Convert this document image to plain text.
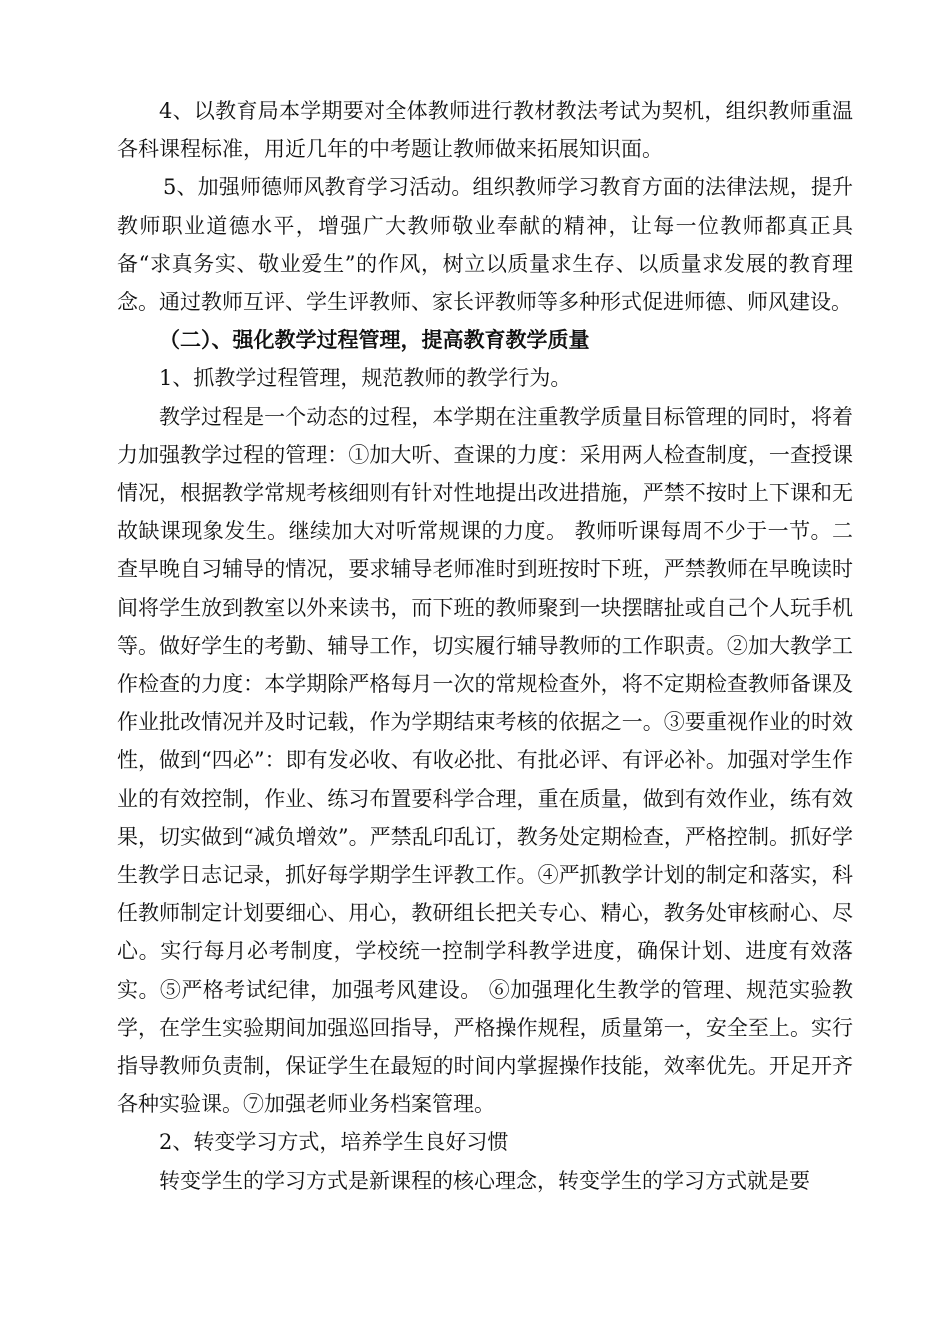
4、以教育局本学期要对全体教师进行教材教法考试为契机，组织教师重温各科课程标准，用近几年的中考题让教师做来拓展知识面。

5、加强师德师风教育学习活动。组织教师学习教育方面的法律法规，提升教师职业道德水平，增强广大教师敬业奉献的精神，让每一位教师都真正具备“求真务实、敬业爱生”的作风，树立以质量求生存、以质量求发展的教育理念。通过教师互评、学生评教师、家长评教师等多种形式促进师德、师风建设。

（二）、强化教学过程管理，提高教育教学质量

1、抓教学过程管理，规范教师的教学行为。

教学过程是一个动态的过程，本学期在注重教学质量目标管理的同时，将着力加强教学过程的管理：①加大听、查课的力度：采用两人检查制度，一查授课情况，根据教学常规考核细则有针对性地提出改进措施，严禁不按时上下课和无故缺课现象发生。继续加大对听常规课的力度。 教师听课每周不少于一节。二查早晚自习辅导的情况，要求辅导老师准时到班按时下班，严禁教师在早晚读时间将学生放到教室以外来读书，而下班的教师聚到一块摆瞎扯或自己个人玩手机等。做好学生的考勤、辅导工作，切实履行辅导教师的工作职责。②加大教学工作检查的力度：本学期除严格每月一次的常规检查外，将不定期检查教师备课及作业批改情况并及时记载，作为学期结束考核的依据之一。③要重视作业的时效性，做到“四必”：即有发必收、有收必批、有批必评、有评必补。加强对学生作业的有效控制，作业、练习布置要科学合理，重在质量，做到有效作业，练有效果，切实做到“减负增效”。严禁乱印乱订，教务处定期检查，严格控制。抓好学生教学日志记录，抓好每学期学生评教工作。④严抓教学计划的制定和落实，科任教师制定计划要细心、用心，教研组长把关专心、精心，教务处审核耐心、尽心。实行每月必考制度，学校统一控制学科教学进度，确保计划、进度有效落实。⑤严格考试纪律，加强考风建设。 ⑥加强理化生教学的管理、规范实验教学，在学生实验期间加强巡回指导，严格操作规程，质量第一，安全至上。实行指导教师负责制，保证学生在最短的时间内掌握操作技能，效率优先。开足开齐各种实验课。⑦加强老师业务档案管理。

2、转变学习方式，培养学生良好习惯

转变学生的学习方式是新课程的核心理念，转变学生的学习方式就是要
